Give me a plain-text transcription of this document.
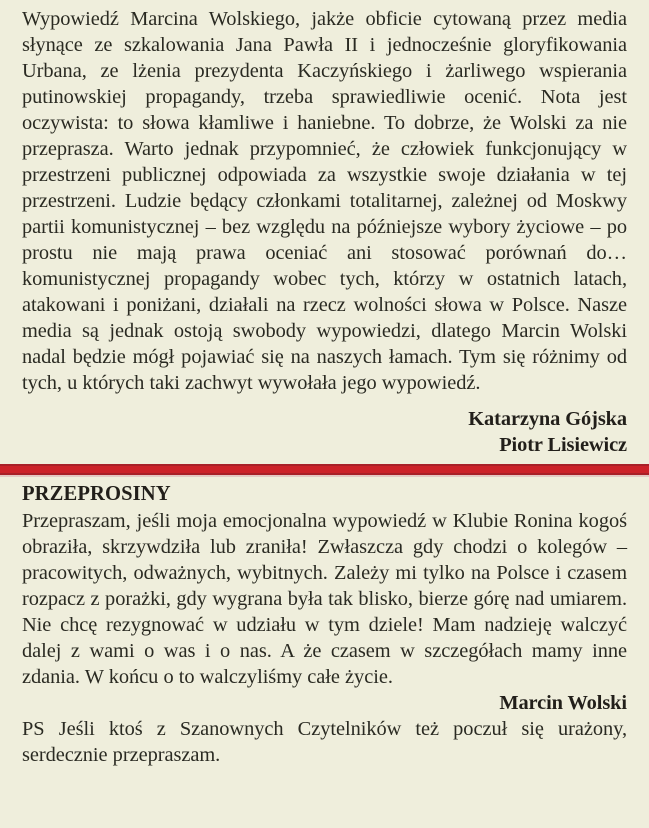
Wypowiedź Marcina Wolskiego, jakże obficie cytowaną przez media słynące ze szkalowania Jana Pawła II i jednocześnie gloryfikowania Urbana, ze lżenia prezydenta Kaczyńskiego i żarliwego wspierania putinowskiej propagandy, trzeba sprawiedliwie ocenić. Nota jest oczywista: to słowa kłamliwe i haniebne. To dobrze, że Wolski za nie przeprasza. Warto jednak przypomnieć, że człowiek funkcjonujący w przestrzeni publicznej odpowiada za wszystkie swoje działania w tej przestrzeni. Ludzie będący członkami totalitarnej, zależnej od Moskwy partii komunistycznej – bez względu na późniejsze wybory życiowe – po prostu nie mają prawa oceniać ani stosować porównań do… komunistycznej propagandy wobec tych, którzy w ostatnich latach, atakowani i poniżani, działali na rzecz wolności słowa w Polsce. Nasze media są jednak ostoją swobody wypowiedzi, dlatego Marcin Wolski nadal będzie mógł pojawiać się na naszych łamach. Tym się różnimy od tych, u których taki zachwyt wywołała jego wypowiedź.

Katarzyna Gójska
Piotr Lisiewicz
PRZEPROSINY

Przepraszam, jeśli moja emocjonalna wypowiedź w Klubie Ronina kogoś obraziła, skrzywdziła lub zraniła! Zwłaszcza gdy chodzi o kolegów – pracowitych, odważnych, wybitnych. Zależy mi tylko na Polsce i czasem rozpacz z porażki, gdy wygrana była tak blisko, bierze górę nad umiarem. Nie chcę rezygnować w udziału w tym dziele! Mam nadzieję walczyć dalej z wami o was i o nas. A że czasem w szczegółach mamy inne zdania. W końcu o to walczyliśmy całe życie.

Marcin Wolski

PS Jeśli ktoś z Szanownych Czytelników też poczuł się urażony, serdecznie przepraszam.
